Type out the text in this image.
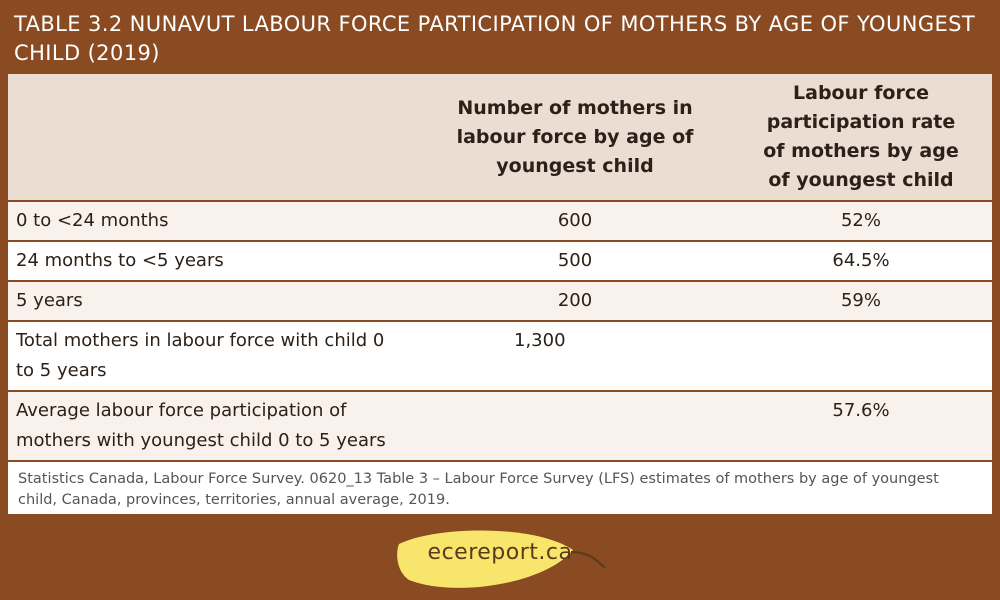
TABLE 3.2 NUNAVUT LABOUR FORCE PARTICIPATION OF MOTHERS BY AGE OF YOUNGEST CHILD (2019)

	Number of mothers in labour force by age of youngest child	Labour force participation rate of mothers by age of youngest child

0 to <24 months	600	52%
24 months to <5 years	500	64.5%
5 years	200	59%
Total mothers in labour force with child 0 to 5 years	1,300	
Average labour force participation of mothers with youngest child 0 to 5 years		57.6%
Statistics Canada, Labour Force Survey. 0620_13 Table 3 – Labour Force Survey (LFS) estimates of mothers by age of youngest child, Canada, provinces, territories, annual average, 2019.
ecereport.ca
